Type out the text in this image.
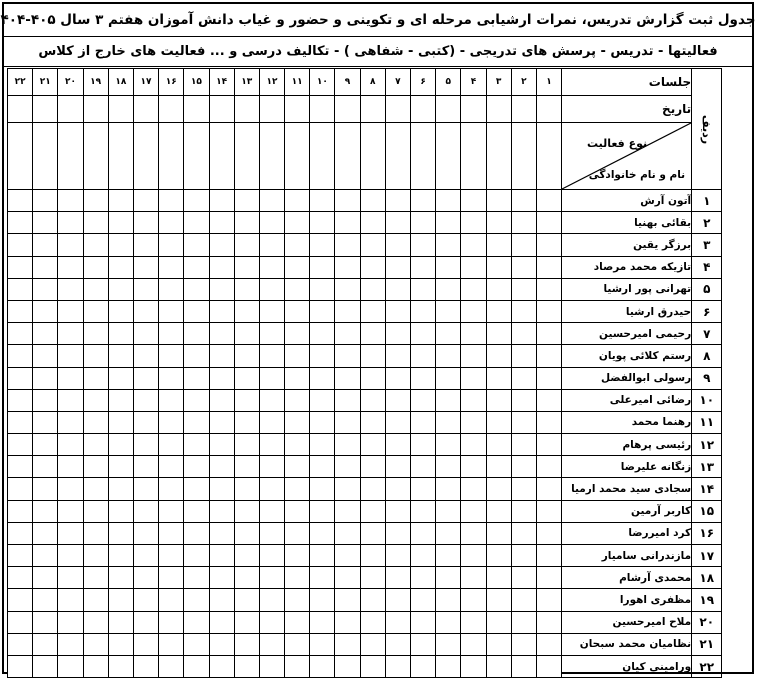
جدول ثبت گزارش تدریس، نمرات ارشیابی مرحله ای و تکوینی و حضور و غیاب دانش آموزان هفتم ۳ سال ۴۰۵-۴۰۴
فعالیتها - تدریس - پرسش های تدریجی - (کتبی - شفاهی ) - تکالیف درسی و ... فعالیت های خارج از کلاس
۲۲	۲۱	۲۰	۱۹	۱۸	۱۷	۱۶	۱۵	۱۴	۱۳	۱۲	۱۱	۱۰	۹	۸	۷	۶	۵	۴	۳	۲	۱	جلسات	ردیف
																						تاریخ	

																						نوع فعالیت
نام و نام خانوادگی	

																						آتون آرش	۱
																						بقائی بهنیا	۲
																						برزگر یقین	۳
																						تازیکه محمد مرصاد	۴
																						تهرانی پور ارشیا	۵
																						حیدرق ارشیا	۶
																						رحیمی امیرحسین	۷
																						رستم کلائی پویان	۸
																						رسولی ابوالفضل	۹
																						رضائی امیرعلی	۱۰
																						رهنما محمد	۱۱
																						رئیسی پرهام	۱۲
																						زنگانه علیرضا	۱۳
																						سجادی سید محمد ارمیا	۱۴
																						کاربر آرمین	۱۵
																						کرد امیررضا	۱۶
																						مازندرانی سامیار	۱۷
																						محمدی آرشام	۱۸
																						مظفری اهورا	۱۹
																						ملاح امیرحسین	۲۰
																						نظامیان محمد سبحان	۲۱
																						ورامینی کیان	۲۲
